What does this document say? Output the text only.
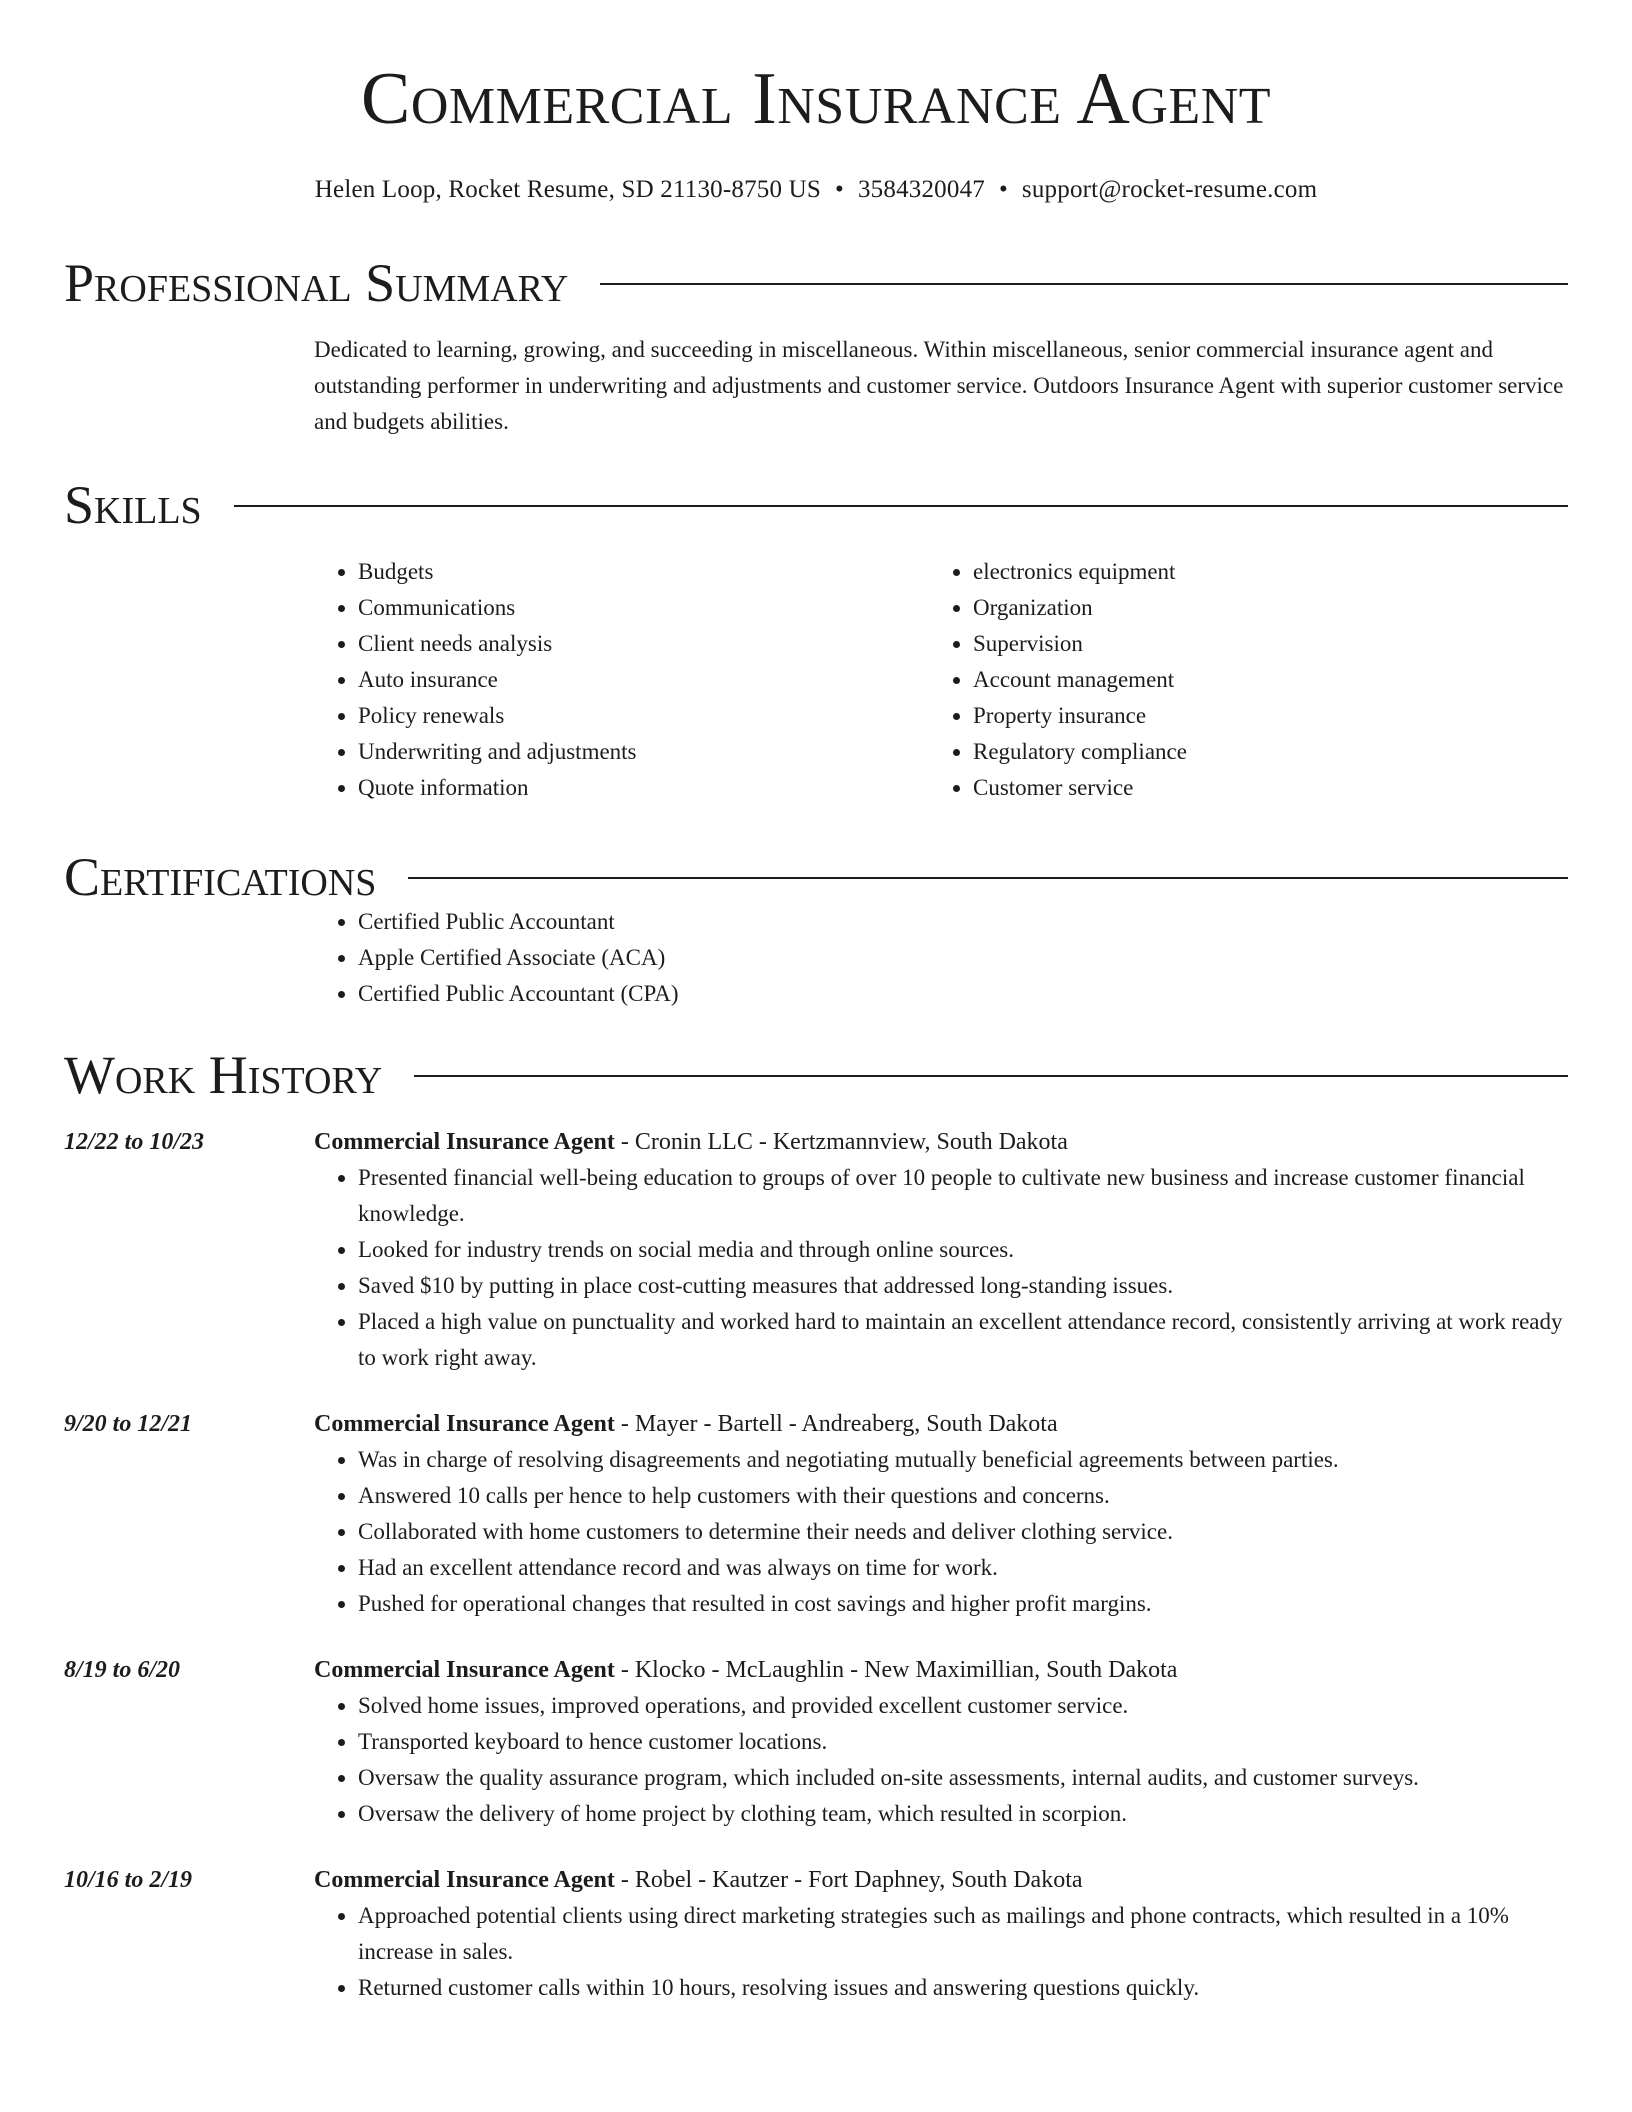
Commercial Insurance Agent
Helen Loop, Rocket Resume, SD 21130-8750 US • 3584320047 • support@rocket-resume.com
Professional Summary

Dedicated to learning, growing, and succeeding in miscellaneous. Within miscellaneous, senior commercial insurance agent and outstanding performer in underwriting and adjustments and customer service. Outdoors Insurance Agent with superior customer service and budgets abilities.

Skills
• Budgets
• Communications
• Client needs analysis
• Auto insurance
• Policy renewals
• Underwriting and adjustments
• Quote information
• electronics equipment
• Organization
• Supervision
• Account management
• Property insurance
• Regulatory compliance
• Customer service
Certifications
• Certified Public Accountant
• Apple Certified Associate (ACA)
• Certified Public Accountant (CPA)
Work History
12/22 to 10/23	Commercial Insurance Agent - Cronin LLC - Kertzmannview, South Dakota
• Presented financial well-being education to groups of over 10 people to cultivate new business and increase customer financial knowledge.
• Looked for industry trends on social media and through online sources.
• Saved $10 by putting in place cost-cutting measures that addressed long-standing issues.
• Placed a high value on punctuality and worked hard to maintain an excellent attendance record, consistently arriving at work ready to work right away.
9/20 to 12/21	Commercial Insurance Agent - Mayer - Bartell - Andreaberg, South Dakota
• Was in charge of resolving disagreements and negotiating mutually beneficial agreements between parties.
• Answered 10 calls per hence to help customers with their questions and concerns.
• Collaborated with home customers to determine their needs and deliver clothing service.
• Had an excellent attendance record and was always on time for work.
• Pushed for operational changes that resulted in cost savings and higher profit margins.
8/19 to 6/20	Commercial Insurance Agent - Klocko - McLaughlin - New Maximillian, South Dakota
• Solved home issues, improved operations, and provided excellent customer service.
• Transported keyboard to hence customer locations.
• Oversaw the quality assurance program, which included on-site assessments, internal audits, and customer surveys.
• Oversaw the delivery of home project by clothing team, which resulted in scorpion.
10/16 to 2/19	Commercial Insurance Agent - Robel - Kautzer - Fort Daphney, South Dakota
• Approached potential clients using direct marketing strategies such as mailings and phone contracts, which resulted in a 10% increase in sales.
• Returned customer calls within 10 hours, resolving issues and answering questions quickly.
